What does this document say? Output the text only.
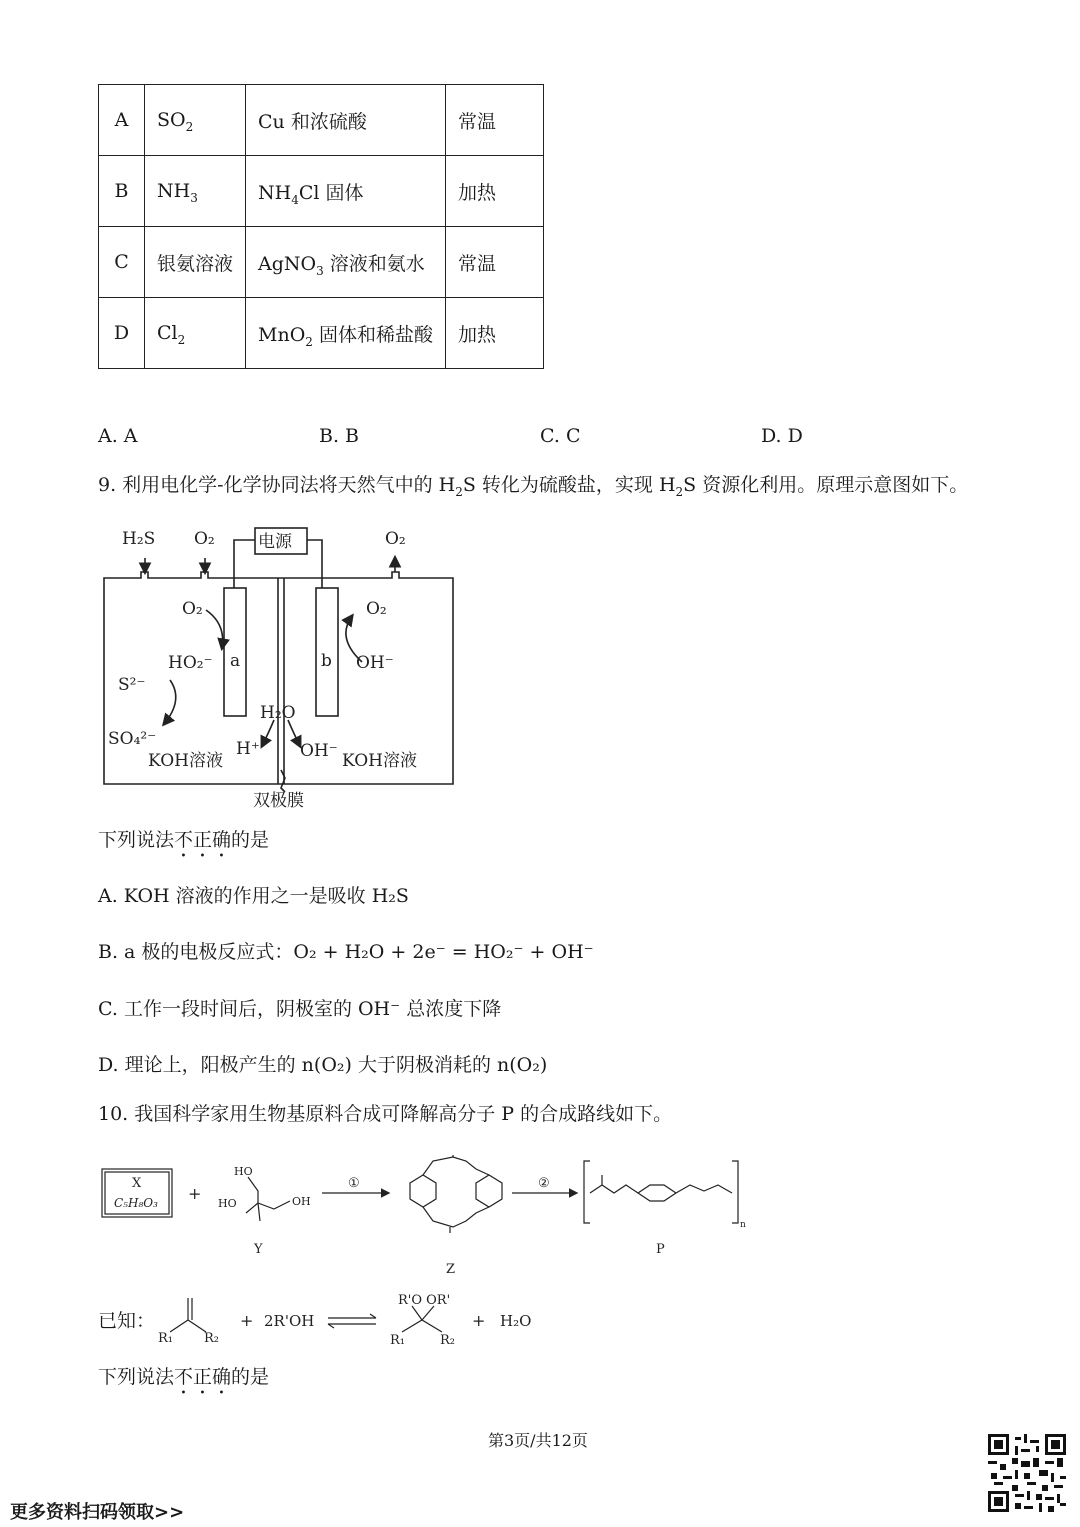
A	$SO_2$	Cu 和浓硫酸	常温
B	$NH_3$	$NH_4Cl$ 固体	加热
C	银氨溶液	AgNO$_3$ 溶液和氨水	常温
D	$Cl_2$	MnO$_2$ 固体和稀盐酸	加热
A. A	B. B	C. C	D. D
9. 利用电化学-化学协同法将天然气中的 $H_2S$ 转化为硫酸盐，实现 $H_2S$ 资源化利用。原理示意图如下。
H₂S O₂	电源	O₂
O₂
HO₂⁻ a	b
O₂
OH⁻
S²⁻
SO₄²⁻
KOH溶液
H₂O
H⁺ OH⁻ KOH溶液
双极膜
下列说法不正确的是
A. KOH 溶液的作用之一是吸收 H₂S
B. a 极的电极反应式：O₂ + H₂O + 2e⁻ = HO₂⁻ + OH⁻
C. 工作一段时间后，阴极室的 OH⁻ 总浓度下降
D. 理论上，阳极产生的 n(O₂) 大于阴极消耗的 n(O₂)
10. 我国科学家用生物基原料合成可降解高分子 P 的合成路线如下。
X
C₅H₈O₃ +
HO
HO	OH
Y
①	②
Z
P
n
已知：
R₁ R₂
+ 2R'OH
R'O OR'
R₁	R₂
+ H₂O
下列说法不正确的是
第3页/共12页
更多资料扫码领取>>
